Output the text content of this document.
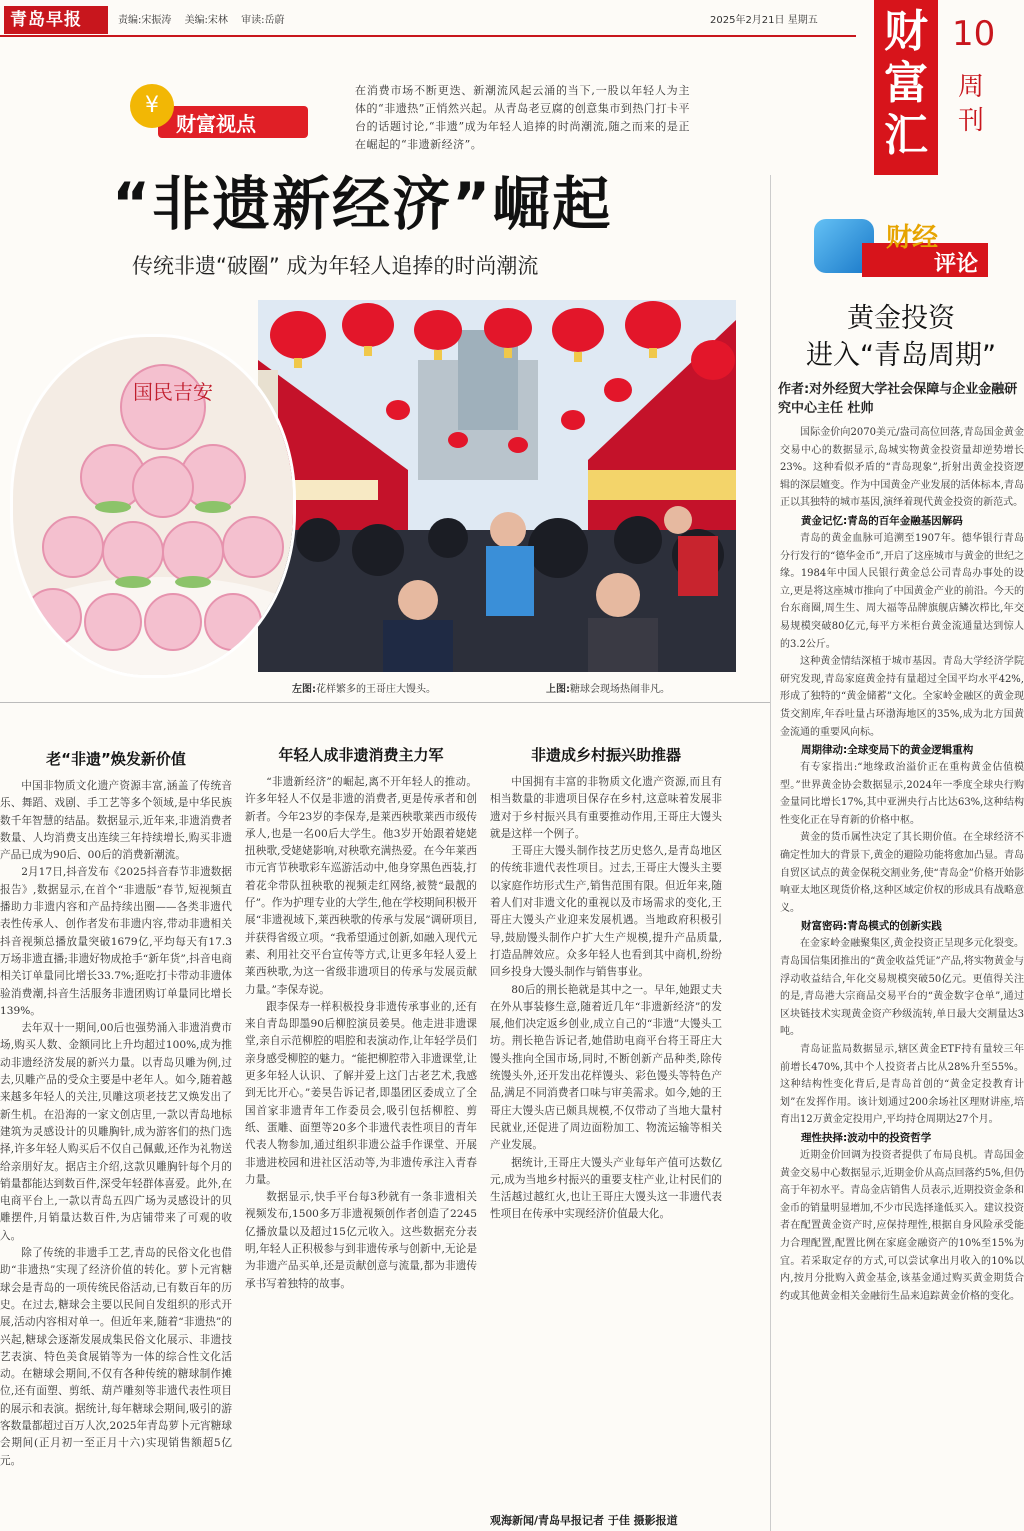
青岛早报	责编:宋振涛 美编:宋林 审读:岳蔚	2025年2月21日 星期五 财富汇
10
周刊
¥
财富视点
在消费市场不断更迭、新潮流风起云涌的当下,一股以年轻人为主体的“非遗热”正悄然兴起。从青岛老豆腐的创意集市到热门打卡平台的话题讨论,“非遗”成为年轻人追捧的时尚潮流,随之而来的是正在崛起的“非遗新经济”。
“非遗新经济”崛起
传统非遗“破圈” 成为年轻人追捧的时尚潮流
国民吉安
左图:花样繁多的王哥庄大馒头。	上图:糖球会现场热闹非凡。
老“非遗”焕发新价值

中国非物质文化遗产资源丰富,涵盖了传统音乐、舞蹈、戏剧、手工艺等多个领域,是中华民族数千年智慧的结晶。数据显示,近年来,非遗消费者数量、人均消费支出连续三年持续增长,购买非遗产品已成为90后、00后的消费新潮流。

2月17日,抖音发布《2025抖音春节非遗数据报告》,数据显示,在首个“非遗版”春节,短视频直播助力非遗内容和产品持续出圈——各类非遗代表性传承人、创作者发布非遗内容,带动非遗相关抖音视频总播放量突破1679亿,平均每天有17.3万场非遗直播;非遗好物成抢手“新年货”,抖音电商相关订单量同比增长33.7%;逛吃打卡带动非遗体验消费潮,抖音生活服务非遗团购订单量同比增长139%。

去年双十一期间,00后也强势涌入非遗消费市场,购买人数、金额同比上升均超过100%,成为推动非遗经济发展的新兴力量。以青岛贝雕为例,过去,贝雕产品的受众主要是中老年人。如今,随着越来越多年轻人的关注,贝雕这项老技艺又焕发出了新生机。在沿海的一家文创店里,一款以青岛地标建筑为灵感设计的贝雕胸针,成为游客们的热门选择,许多年轻人购买后不仅自己佩戴,还作为礼物送给亲朋好友。据店主介绍,这款贝雕胸针每个月的销量都能达到数百件,深受年轻群体喜爱。此外,在电商平台上,一款以青岛五四广场为灵感设计的贝雕摆件,月销量达数百件,为店铺带来了可观的收入。

除了传统的非遗手工艺,青岛的民俗文化也借助“非遗热”实现了经济价值的转化。萝卜元宵糖球会是青岛的一项传统民俗活动,已有数百年的历史。在过去,糖球会主要以民间自发组织的形式开展,活动内容相对单一。但近年来,随着“非遗热”的兴起,糖球会逐渐发展成集民俗文化展示、非遗技艺表演、特色美食展销等为一体的综合性文化活动。在糖球会期间,不仅有各种传统的糖球制作摊位,还有面塑、剪纸、葫芦雕刻等非遗代表性项目的展示和表演。据统计,每年糖球会期间,吸引的游客数量都超过百万人次,2025年青岛萝卜元宵糖球会期间(正月初一至正月十六)实现销售额超5亿元。

年轻人成非遗消费主力军

“非遗新经济”的崛起,离不开年轻人的推动。许多年轻人不仅是非遗的消费者,更是传承者和创新者。今年23岁的李保寿,是莱西秧歌莱西市级传承人,也是一名00后大学生。他3岁开始跟着姥姥扭秧歌,受姥姥影响,对秧歌充满热爱。在今年莱西市元宵节秧歌彩车巡游活动中,他身穿黑色西装,打着花伞带队扭秧歌的视频走红网络,被赞“最靓的仔”。作为护理专业的大学生,他在学校期间积极开展“非遗视域下,莱西秧歌的传承与发展”调研项目,并获得省级立项。“我希望通过创新,如融入现代元素、利用社交平台宣传等方式,让更多年轻人爱上莱西秧歌,为这一省级非遗项目的传承与发展贡献力量。”李保寿说。

跟李保寿一样积极投身非遗传承事业的,还有来自青岛即墨90后柳腔演员姜昊。他走进非遗课堂,亲自示范柳腔的唱腔和表演动作,让年轻学员们亲身感受柳腔的魅力。“能把柳腔带入非遗课堂,让更多年轻人认识、了解并爱上这门古老艺术,我感到无比开心。”姜昊告诉记者,即墨团区委成立了全国首家非遗青年工作委员会,吸引包括柳腔、剪纸、蛋雕、面塑等20多个非遗代表性项目的青年代表人物参加,通过组织非遗公益手作课堂、开展非遗进校园和进社区活动等,为非遗传承注入青春力量。

数据显示,快手平台每3秒就有一条非遗相关视频发布,1500多万非遗视频创作者创造了2245亿播放量以及超过15亿元收入。这些数据充分表明,年轻人正积极参与到非遗传承与创新中,无论是为非遗产品买单,还是贡献创意与流量,都为非遗传承书写着独特的故事。

非遗成乡村振兴助推器

中国拥有丰富的非物质文化遗产资源,而且有相当数量的非遗项目保存在乡村,这意味着发展非遗对于乡村振兴具有重要推动作用,王哥庄大馒头就是这样一个例子。

王哥庄大馒头制作技艺历史悠久,是青岛地区的传统非遗代表性项目。过去,王哥庄大馒头主要以家庭作坊形式生产,销售范围有限。但近年来,随着人们对非遗文化的重视以及市场需求的变化,王哥庄大馒头产业迎来发展机遇。当地政府积极引导,鼓励馒头制作户扩大生产规模,提升产品质量,打造品牌效应。众多年轻人也看到其中商机,纷纷回乡投身大馒头制作与销售事业。

80后的荆长艳就是其中之一。早年,她跟丈夫在外从事装修生意,随着近几年“非遗新经济”的发展,他们决定返乡创业,成立自己的“非遗”大馒头工坊。荆长艳告诉记者,她借助电商平台将王哥庄大馒头推向全国市场,同时,不断创新产品种类,除传统馒头外,还开发出花样馒头、彩色馒头等特色产品,满足不同消费者口味与审美需求。如今,她的王哥庄大馒头店已颇具规模,不仅带动了当地大量村民就业,还促进了周边面粉加工、物流运输等相关产业发展。

据统计,王哥庄大馒头产业每年产值可达数亿元,成为当地乡村振兴的重要支柱产业,让村民们的生活越过越红火,也让王哥庄大馒头这一非遗代表性项目在传承中实现经济价值最大化。

观海新闻/青岛早报记者 于佳 摄影报道
财经
评论
黄金投资
进入“青岛周期”
作者:对外经贸大学社会保障与企业金融研究中心主任 杜帅

国际金价向2070美元/盎司高位回落,青岛国金黄金交易中心的数据显示,岛城实物黄金投资量却逆势增长23%。这种看似矛盾的“青岛现象”,折射出黄金投资逻辑的深层嬗变。作为中国黄金产业发展的活体标本,青岛正以其独特的城市基因,演绎着现代黄金投资的新范式。

黄金记忆:青岛的百年金融基因解码

青岛的黄金血脉可追溯至1907年。德华银行青岛分行发行的“德华金币”,开启了这座城市与黄金的世纪之缘。1984年中国人民银行黄金总公司青岛办事处的设立,更是将这座城市推向了中国黄金产业的前沿。今天的台东商圈,周生生、周大福等品牌旗舰店鳞次栉比,年交易规模突破80亿元,每平方米柜台黄金流通量达到惊人的3.2公斤。

这种黄金情结深植于城市基因。青岛大学经济学院研究发现,青岛家庭黄金持有量超过全国平均水平42%,形成了独特的“黄金储蓄”文化。全家岭金融区的黄金现货交割库,年吞吐量占环渤海地区的35%,成为北方国黄金流通的重要风向标。

周期律动:全球变局下的黄金逻辑重构

有专家指出:“地缘政治溢价正在重构黄金估值模型。”世界黄金协会数据显示,2024年一季度全球央行购金量同比增长17%,其中亚洲央行占比达63%,这种结构性变化正在导育新的价格中枢。

黄金的货币属性决定了其长期价值。在全球经济不确定性加大的背景下,黄金的避险功能将愈加凸显。青岛自贸区试点的黄金保税交割业务,使“青岛金”价格开始影响亚太地区现货价格,这种区域定价权的形成具有战略意义。

财富密码:青岛模式的创新实践

在金家岭金融聚集区,黄金投资正呈现多元化裂变。青岛国信集团推出的“黄金收益凭证”产品,将实物黄金与浮动收益结合,年化交易规模突破50亿元。更值得关注的是,青岛港大宗商品交易平台的“黄金数字仓单”,通过区块链技术实现黄金资产秒级流转,单日最大交割量达3吨。

青岛证监局数据显示,辖区黄金ETF持有量较三年前增长470%,其中个人投资者占比从28%升至55%。这种结构性变化背后,是青岛首创的“黄金定投教育计划”在发挥作用。该计划通过200余场社区理财讲座,培育出12万黄金定投用户,平均持仓周期达27个月。

理性抉择:波动中的投资哲学

近期金价回调为投资者提供了布局良机。青岛国金黄金交易中心数据显示,近期金价从高点回落约5%,但仍高于年初水平。青岛金店销售人员表示,近期投资金条和金币的销量明显增加,不少市民选择逢低买入。建议投资者在配置黄金资产时,应保持理性,根据自身风险承受能力合理配置,配置比例在家庭金融资产的10%至15%为宜。若采取定存的方式,可以尝试拿出月收入的10%以内,按月分批购入黄金基金,该基金通过购买黄金期货合约或其他黄金相关金融衍生品来追踪黄金价格的变化。
